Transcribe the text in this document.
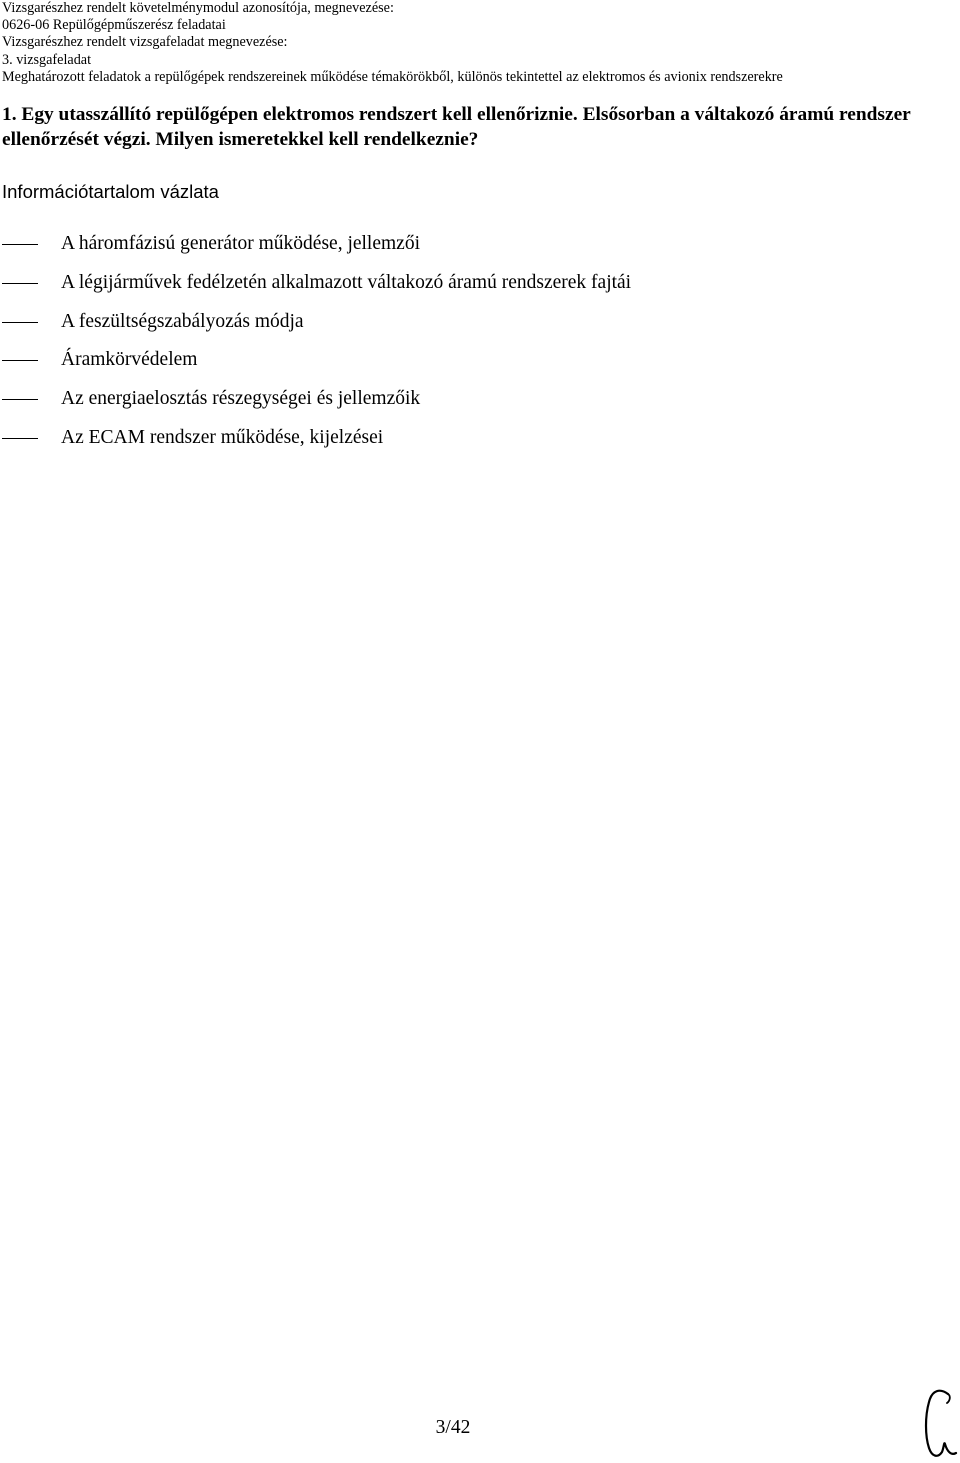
Vizsgarészhez rendelt követelménymodul azonosítója, megnevezése:
0626-06 Repülőgépműszerész feladatai
Vizsgarészhez rendelt vizsgafeladat megnevezése:
3. vizsgafeladat
Meghatározott feladatok a repülőgépek rendszereinek működése témakörökből, különös tekintettel az elektromos és avionix rendszerekre
1. Egy utasszállító repülőgépen elektromos rendszert kell ellenőriznie. Elsősorban a váltakozó áramú rendszer ellenőrzését végzi. Milyen ismeretekkel kell rendelkeznie?
Információtartalom vázlata
A háromfázisú generátor működése, jellemzői
A légijárművek fedélzetén alkalmazott váltakozó áramú rendszerek fajtái
A feszültségszabályozás módja
Áramkörvédelem
Az energiaelosztás részegységei és jellemzőik
Az ECAM rendszer működése, kijelzései
3/42
